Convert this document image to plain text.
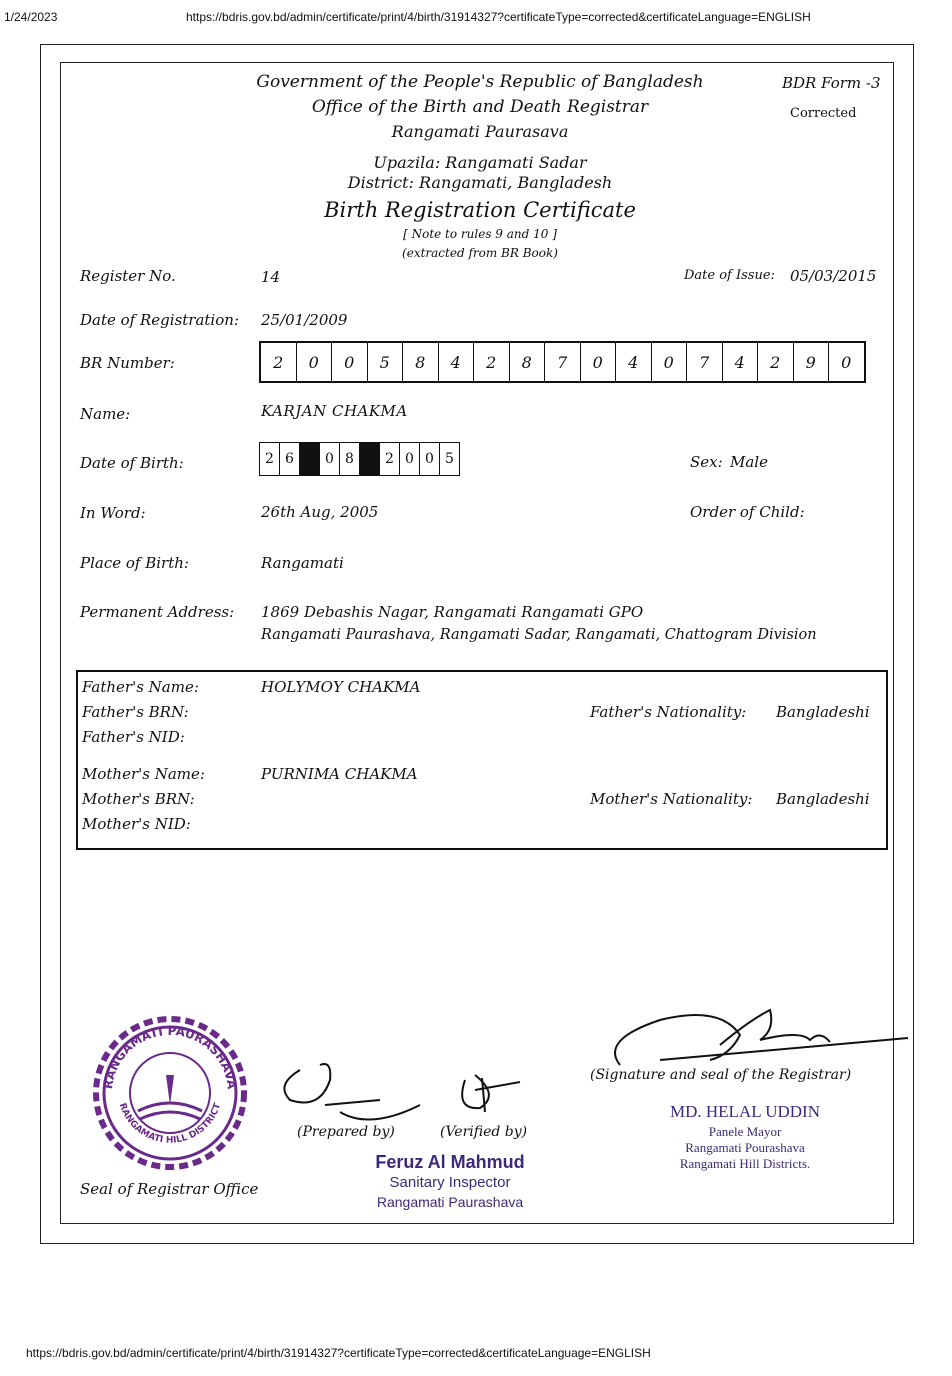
1/24/2023	https://bdris.gov.bd/admin/certificate/print/4/birth/31914327?certificateType=corrected&certificateLanguage=ENGLISH
https://bdris.gov.bd/admin/certificate/print/4/birth/31914327?certificateType=corrected&certificateLanguage=ENGLISH
Government of the People's Republic of Bangladesh
Office of the Birth and Death Registrar
Rangamati Paurasava
Upazila: Rangamati Sadar
District: Rangamati, Bangladesh
Birth Registration Certificate
[ Note to rules 9 and 10 ]
(extracted from BR Book)
BDR Form -3
Corrected
Register No.	14	Date of Issue: 05/03/2015
Date of Registration: 25/01/2009
BR Number:	2	0	0	5	8	4	2	8	7	0	4	0	7	4	2	9	0
Name:	KARJAN CHAKMA
Date of Birth:	2 6	0 8	2 0 0 5	Sex: Male
In Word:	26th Aug, 2005	Order of Child:
Place of Birth:	Rangamati
Permanent Address: 1869 Debashis Nagar, Rangamati Rangamati GPO
Rangamati Paurashava, Rangamati Sadar, Rangamati, Chattogram Division
Father's Name:	HOLYMOY CHAKMA
Father's BRN:
Father's NID:
Father's Nationality: Bangladeshi
Mother's Name:	PURNIMA CHAKMA
Mother's BRN:
Mother's NID:
Mother's Nationality: Bangladeshi
RANGAMATI PAURASHAVA
RANGAMATI HILL DISTRICT
Seal of Registrar Office
(Prepared by)	(Verified by)
Feruz Al Mahmud
Sanitary Inspector
Rangamati Paurashava
(Signature and seal of the Registrar)
MD. HELAL UDDIN
Panele Mayor
Rangamati Pourashava
Rangamati Hill Districts.
